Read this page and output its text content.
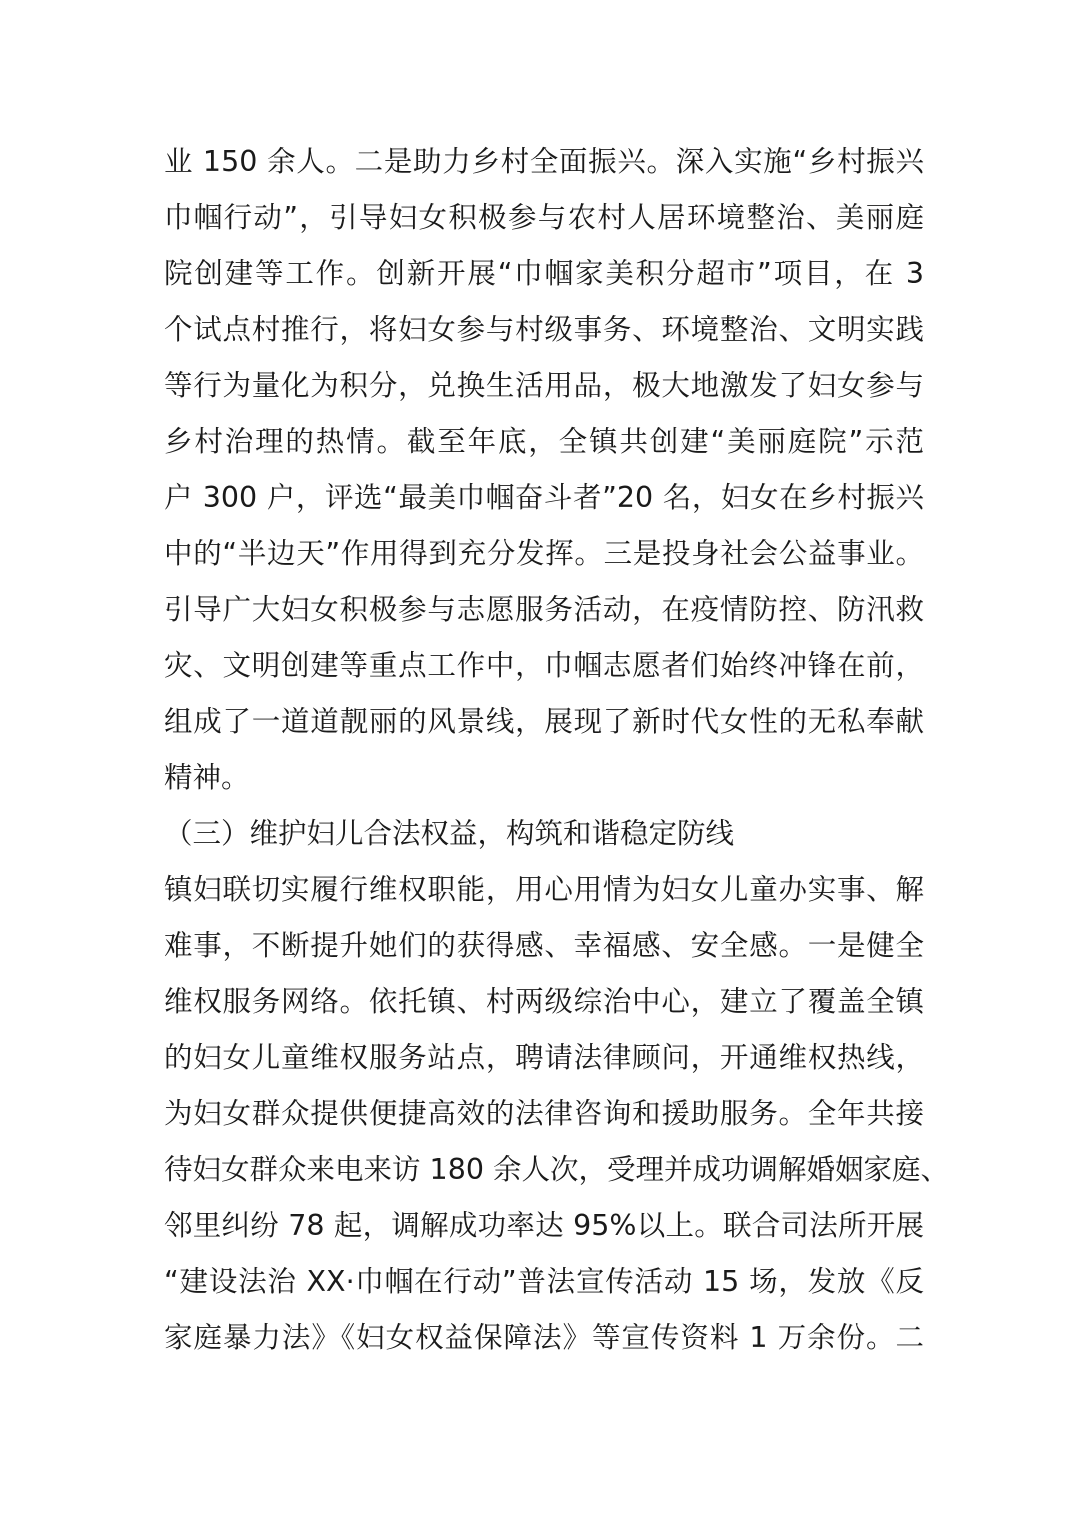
业 150 余人。二是助力乡村全面振兴。深入实施“乡村振兴
巾帼行动”，引导妇女积极参与农村人居环境整治、美丽庭
院创建等工作。创新开展“巾帼家美积分超市”项目，在 3
个试点村推行，将妇女参与村级事务、环境整治、文明实践
等行为量化为积分，兑换生活用品，极大地激发了妇女参与
乡村治理的热情。截至年底，全镇共创建“美丽庭院”示范
户 300 户，评选“最美巾帼奋斗者”20 名，妇女在乡村振兴
中的“半边天”作用得到充分发挥。三是投身社会公益事业。
引导广大妇女积极参与志愿服务活动，在疫情防控、防汛救
灾、文明创建等重点工作中，巾帼志愿者们始终冲锋在前，
组成了一道道靓丽的风景线，展现了新时代女性的无私奉献
精神。
（三）维护妇儿合法权益，构筑和谐稳定防线
镇妇联切实履行维权职能，用心用情为妇女儿童办实事、解
难事，不断提升她们的获得感、幸福感、安全感。一是健全
维权服务网络。依托镇、村两级综治中心，建立了覆盖全镇
的妇女儿童维权服务站点，聘请法律顾问，开通维权热线，
为妇女群众提供便捷高效的法律咨询和援助服务。全年共接
待妇女群众来电来访 180 余人次，受理并成功调解婚姻家庭、
邻里纠纷 78 起，调解成功率达 95%以上。联合司法所开展
“建设法治 XX·巾帼在行动”普法宣传活动 15 场，发放《反
家庭暴力法》《妇女权益保障法》等宣传资料 1 万余份。二
